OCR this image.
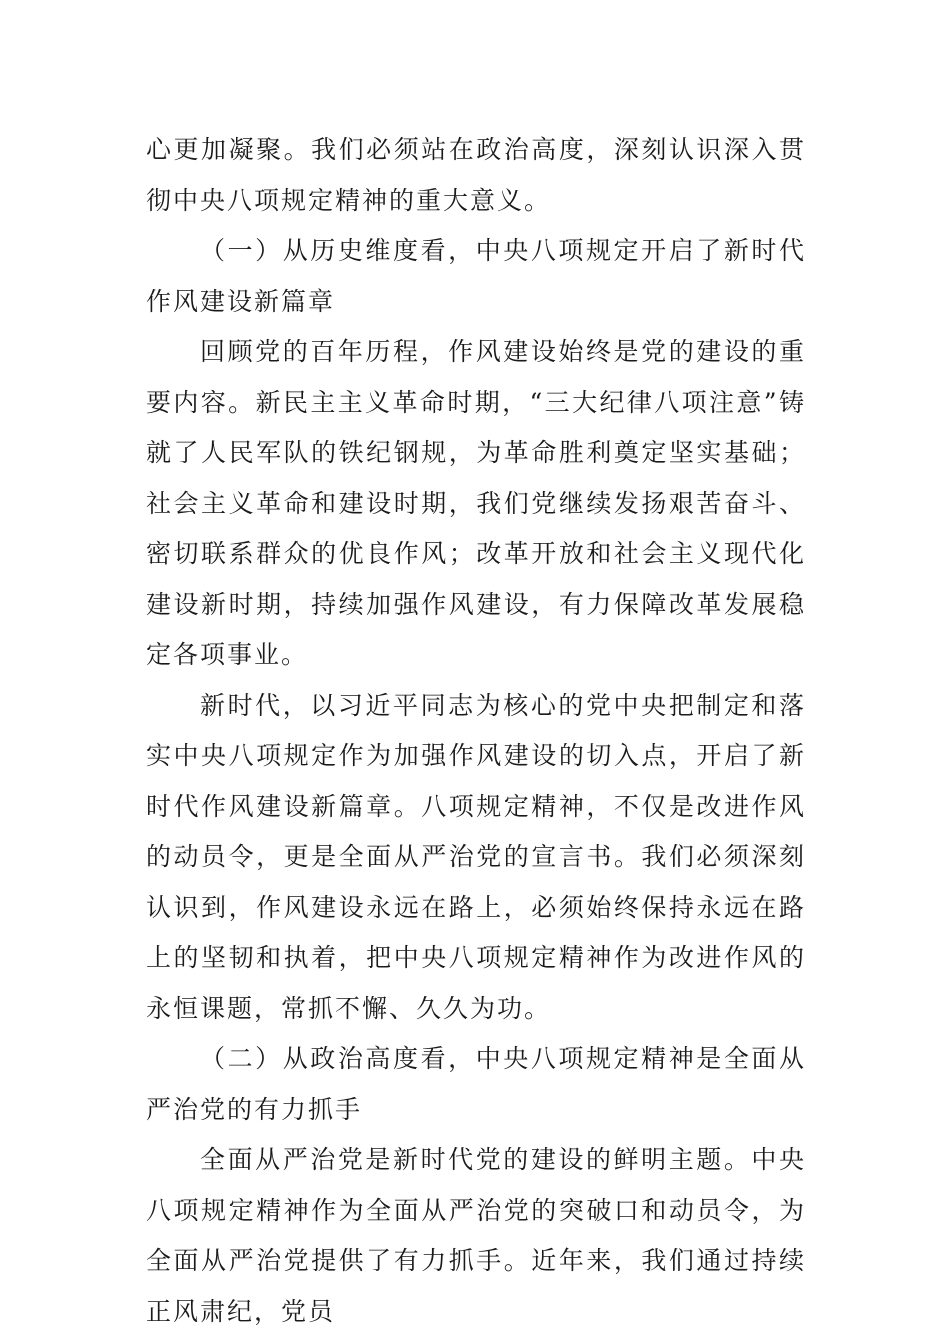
心更加凝聚。我们必须站在政治高度，深刻认识深入贯彻中央八项规定精神的重大意义。

（一）从历史维度看，中央八项规定开启了新时代作风建设新篇章

回顾党的百年历程，作风建设始终是党的建设的重要内容。新民主主义革命时期，“三大纪律八项注意”铸就了人民军队的铁纪钢规，为革命胜利奠定坚实基础；社会主义革命和建设时期，我们党继续发扬艰苦奋斗、密切联系群众的优良作风；改革开放和社会主义现代化建设新时期，持续加强作风建设，有力保障改革发展稳定各项事业。

新时代，以习近平同志为核心的党中央把制定和落实中央八项规定作为加强作风建设的切入点，开启了新时代作风建设新篇章。八项规定精神，不仅是改进作风的动员令，更是全面从严治党的宣言书。我们必须深刻认识到，作风建设永远在路上，必须始终保持永远在路上的坚韧和执着，把中央八项规定精神作为改进作风的永恒课题，常抓不懈、久久为功。

（二）从政治高度看，中央八项规定精神是全面从严治党的有力抓手

全面从严治党是新时代党的建设的鲜明主题。中央八项规定精神作为全面从严治党的突破口和动员令，为全面从严治党提供了有力抓手。近年来，我们通过持续正风肃纪，党员
